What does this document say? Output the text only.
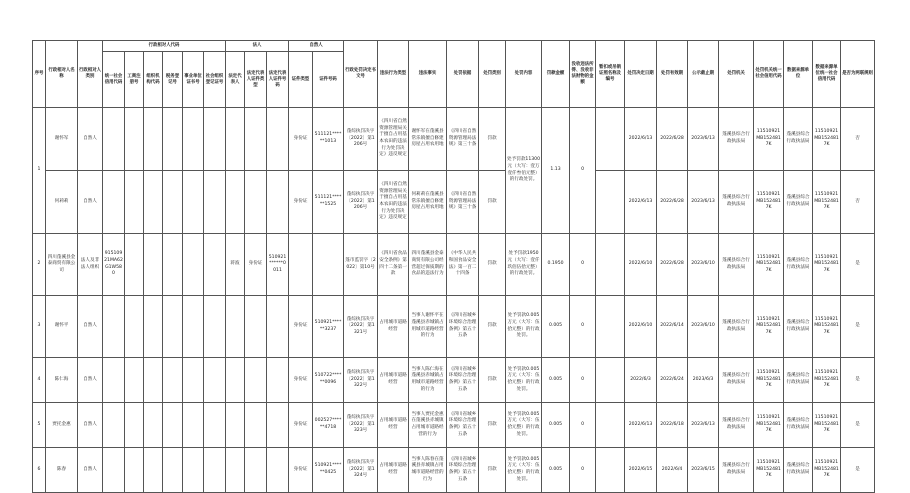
序号	行政相对人名称	行政相对人类别	行政相对人代码						法人			自然人		行政处罚决定书文号	违法行为类型	违法事实	处罚依据	处罚类别	处罚内容	罚款金额	没收违法所得、没收非法财物的金额	暂扣或吊销证照名称及编号	处罚决定日期	处罚有效期	公示截止期	处罚机关	处罚机关统一社会信用代码	数据来源单位	数据来源单位统一社会信用代码	是否为两联规则
			统一社会信用代码	工商注册号	组织机构代码	税务登记号	事业单位证书号	社会组织登记证号	法定代表人	法定代表人证件类型	法定代表人证件号码	证件类型	证件号码																	

1	谢怀军	自然人										身份证	511121******1013	蓬综执罚决字〔2022〕第1206号	《四川省自然资源管理局关于擅自占用基本农田的违法行为处罚决定》违反规定	谢怀军在蓬溪县常乐镇擅自修建房屋占用农用地	《四川省自然资源管理局法规》第三十条	罚款	处予罚款11300元（大写：壹万壹仟叁佰元整）的行政处罚。	1.13	0		2022/6/13	2022/6/28	2023/6/13	蓬溪县综合行政执法局	11510921MB1524817K	蓬溪县综合行政执法局	11510921MB1524817K	否
	何莉莉	自然人										身份证	511121******1525	蓬综执罚决字〔2022〕第1206号	《四川省自然资源管理局关于擅自占用基本农田的违法行为处罚决定》违反规定	何莉莉在蓬溪县常乐镇擅自修建房屋占用农用地	《四川省自然资源管理局法规》第三十条	罚款					2022/6/13	2022/6/28	2023/6/13	蓬溪县综合行政执法局	11510921MB1524817K	蓬溪县综合行政执法局	11510921MB1524817K	否
2	四川蓬溪县金泰商贸有限公司	法人及非法人组织	91510921MA62G1W580						蒋波	身份证	510921******0011			蓬市监罚字〔2022〕第10号	《四川省食品安全条例》第四十二条第一款	四川蓬溪县金泰商贸有限公司经营超过保质期的食品的违法行为	《中华人民共和国食品安全法》第一百二十四条	罚款	处予罚款1950元（大写：壹仟玖佰伍拾元整）的行政处罚。	0.1950	0		2022/6/10	2022/6/28	2023/6/10	蓬溪县综合行政执法局	11510921MB1524817K	蓬溪县综合行政执法局	11510921MB1524817K	是
3	谢怀平	自然人										身份证	510921******3237	蓬综执罚决字〔2022〕第1321号	占用城市道路经营	当事人谢怀平在蓬溪县赤城镇占用城市道路经营的行为	《四川省城乡环境综合治理条例》第五十五条	罚款	处予罚款0.005万元（大写：伍拾元整）的行政处罚。	0.005	0		2022/6/10	2022/6/14	2023/6/10	蓬溪县综合行政执法局	11510921MB1524817K	蓬溪县综合行政执法局	11510921MB1524817K	是
4	陈仁海	自然人										身份证	510722******0096	蓬综执罚决字〔2022〕第1322号	占用城市道路经营	当事人陈仁海在蓬溪县赤城镇占用城市道路经营的行为	《四川省城乡环境综合治理条例》第五十五条	罚款	处予罚款0.005万元（大写：伍拾元整）的行政处罚。	0.005	0		2022/6/3	2022/6/24	2023/6/3	蓬溪县综合行政执法局	11510921MB1524817K	蓬溪县综合行政执法局	11510921MB1524817K	是
5	贾托金惠	自然人										身份证	002527******4718	蓬综执罚决字〔2022〕第1323号	占用城市道路经营	当事人贾托金惠在蓬溪县赤城镇占用城市道路经营的行为	《四川省城乡环境综合治理条例》第五十五条	罚款	处予罚款0.005万元（大写：伍拾元整）的行政处罚。	0.005	0		2022/6/13	2022/6/18	2023/6/13	蓬溪县综合行政执法局	11510921MB1524817K	蓬溪县综合行政执法局	11510921MB1524817K	是
6	陈春	自然人										身份证	510921******0425	蓬综执罚决字〔2022〕第1324号	占用城市道路经营	当事人陈春在蓬溪县赤城镇占用城市道路经营的行为	《四川省城乡环境综合治理条例》第五十五条	罚款	处予罚款0.005万元（大写：伍拾元整）的行政处罚。	0.005	0		2022/6/15	2022/6/4	2023/6/15	蓬溪县综合行政执法局	11510921MB1524817K	蓬溪县综合行政执法局	11510921MB1524817K	是
